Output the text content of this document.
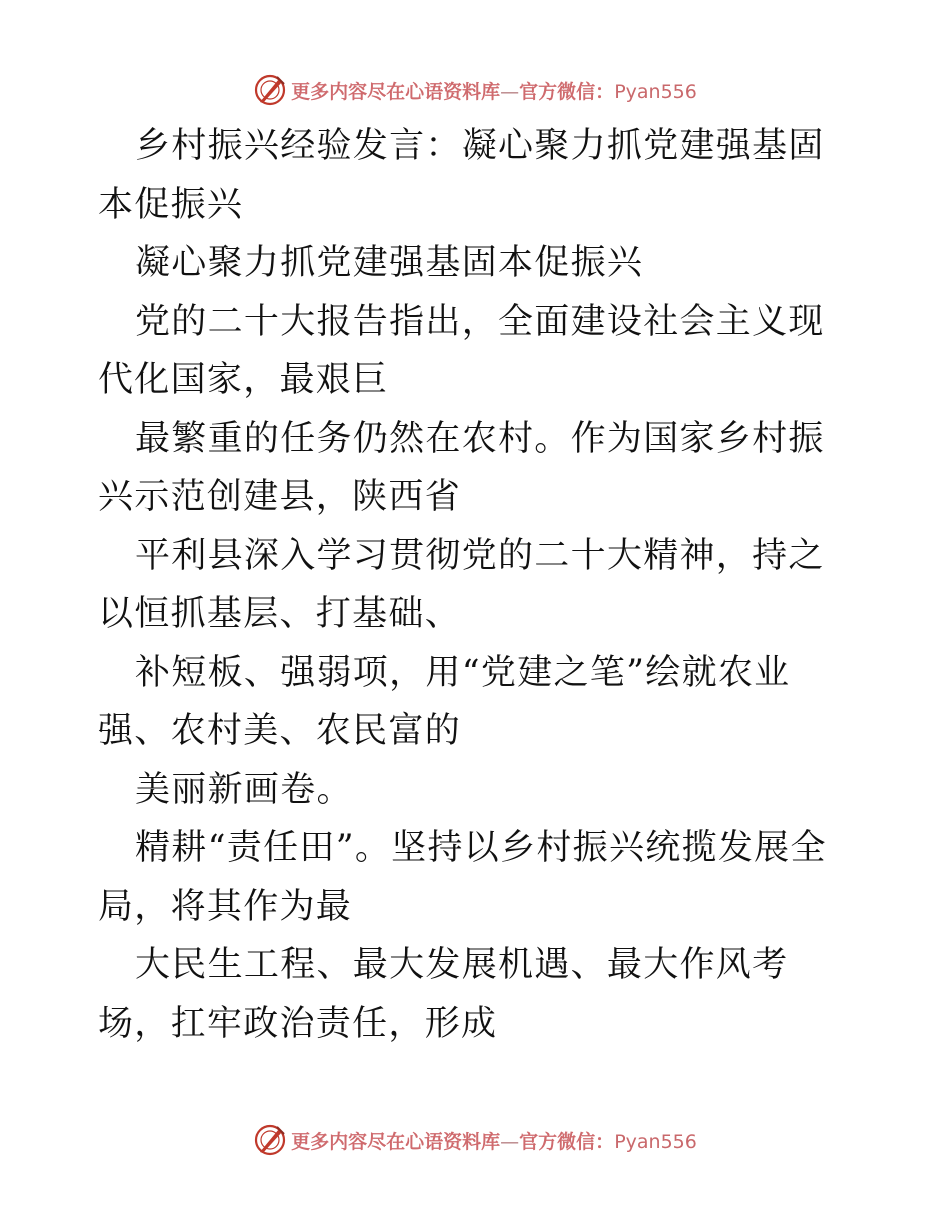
更多内容尽在心语资料库—官方微信：Pyan556

乡村振兴经验发言：凝心聚力抓党建强基固本促振兴

凝心聚力抓党建强基固本促振兴

党的二十大报告指出，全面建设社会主义现代化国家，最艰巨

最繁重的任务仍然在农村。作为国家乡村振兴示范创建县，陕西省

平利县深入学习贯彻党的二十大精神，持之以恒抓基层、打基础、

补短板、强弱项，用“党建之笔”绘就农业强、农村美、农民富的

美丽新画卷。

精耕“责任田”。坚持以乡村振兴统揽发展全局，将其作为最

大民生工程、最大发展机遇、最大作风考场，扛牢政治责任，形成

更多内容尽在心语资料库—官方微信：Pyan556
